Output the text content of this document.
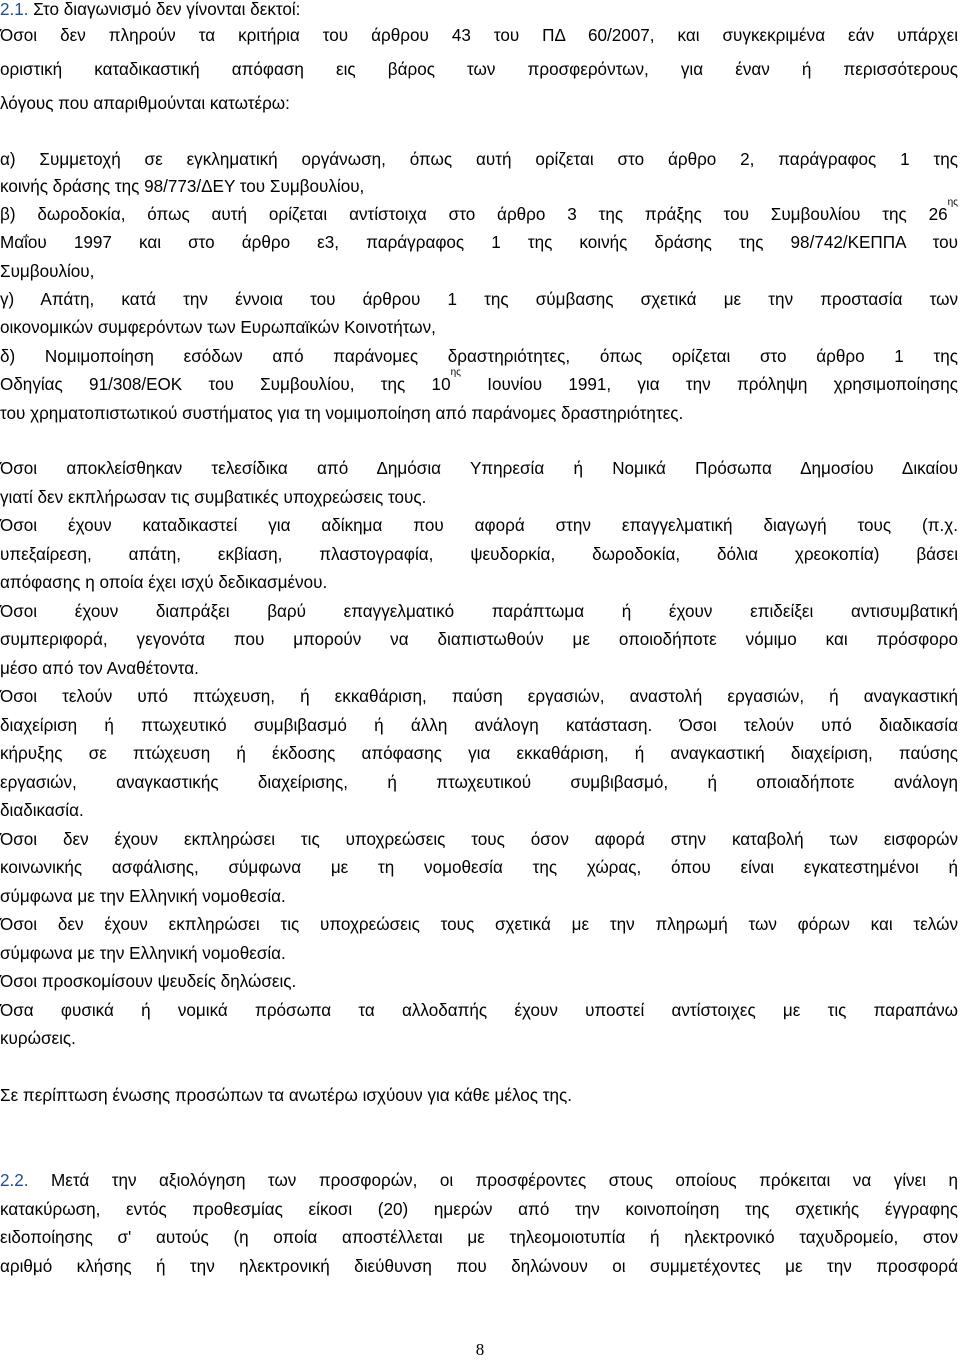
2.1. Στο διαγωνισμό δεν γίνονται δεκτοί:
Όσοι δεν πληρούν τα κριτήρια του άρθρου 43 του ΠΔ 60/2007, και συγκεκριμένα εάν υπάρχει
οριστική καταδικαστική απόφαση εις βάρος των προσφερόντων, για έναν ή περισσότερους
λόγους που απαριθμούνται κατωτέρω:
α) Συμμετοχή σε εγκληματική οργάνωση, όπως αυτή ορίζεται στο άρθρο 2, παράγραφος 1 της
κοινής δράσης της 98/773/ΔΕΥ του Συμβουλίου,
β) δωροδοκία, όπως αυτή ορίζεται αντίστοιχα στο άρθρο 3 της πράξης του Συμβουλίου της $26^{\eta\varsigma}$
Μαΐου 1997 και στο άρθρο ε3, παράγραφος 1 της κοινής δράσης της 98/742/ΚΕΠΠΑ του
Συμβουλίου,
γ) Απάτη, κατά την έννοια του άρθρου 1 της σύμβασης σχετικά με την προστασία των
οικονομικών συμφερόντων των Ευρωπαϊκών Κοινοτήτων,
δ) Νομιμοποίηση εσόδων από παράνομες δραστηριότητες, όπως ορίζεται στο άρθρο 1 της
Οδηγίας 91/308/ΕΟΚ του Συμβουλίου, της $10^{\eta\varsigma}$ Ιουνίου 1991, για την πρόληψη χρησιμοποίησης
του χρηματοπιστωτικού συστήματος για τη νομιμοποίηση από παράνομες δραστηριότητες.
Όσοι αποκλείσθηκαν τελεσίδικα από Δημόσια Υπηρεσία ή Νομικά Πρόσωπα Δημοσίου Δικαίου
γιατί δεν εκπλήρωσαν τις συμβατικές υποχρεώσεις τους.
Όσοι έχουν καταδικαστεί για αδίκημα που αφορά στην επαγγελματική διαγωγή τους (π.χ.
υπεξαίρεση, απάτη, εκβίαση, πλαστογραφία, ψευδορκία, δωροδοκία, δόλια χρεοκοπία) βάσει
απόφασης η οποία έχει ισχύ δεδικασμένου.
Όσοι έχουν διαπράξει βαρύ επαγγελματικό παράπτωμα ή έχουν επιδείξει αντισυμβατική
συμπεριφορά, γεγονότα που μπορούν να διαπιστωθούν με οποιοδήποτε νόμιμο και πρόσφορο
μέσο από τον Αναθέτοντα.
Όσοι τελούν υπό πτώχευση, ή εκκαθάριση, παύση εργασιών, αναστολή εργασιών, ή αναγκαστική
διαχείριση ή πτωχευτικό συμβιβασμό ή άλλη ανάλογη κατάσταση. Όσοι τελούν υπό διαδικασία
κήρυξης σε πτώχευση ή έκδοσης απόφασης για εκκαθάριση, ή αναγκαστική διαχείριση, παύσης
εργασιών, αναγκαστικής διαχείρισης, ή πτωχευτικού συμβιβασμό, ή οποιαδήποτε ανάλογη
διαδικασία.
Όσοι δεν έχουν εκπληρώσει τις υποχρεώσεις τους όσον αφορά στην καταβολή των εισφορών
κοινωνικής ασφάλισης, σύμφωνα με τη νομοθεσία της χώρας, όπου είναι εγκατεστημένοι ή
σύμφωνα με την Ελληνική νομοθεσία.
Όσοι δεν έχουν εκπληρώσει τις υποχρεώσεις τους σχετικά με την πληρωμή των φόρων και τελών
σύμφωνα με την Ελληνική νομοθεσία.
Όσοι προσκομίσουν ψευδείς δηλώσεις.
Όσα φυσικά ή νομικά πρόσωπα τα αλλοδαπής έχουν υποστεί αντίστοιχες με τις παραπάνω
κυρώσεις.
Σε περίπτωση ένωσης προσώπων τα ανωτέρω ισχύουν για κάθε μέλος της.
2.2. Μετά την αξιολόγηση των προσφορών, οι προσφέροντες στους οποίους πρόκειται να γίνει η
κατακύρωση, εντός προθεσμίας είκοσι (20) ημερών από την κοινοποίηση της σχετικής έγγραφης
ειδοποίησης σ' αυτούς (η οποία αποστέλλεται με τηλεομοιοτυπία ή ηλεκτρονικό ταχυδρομείο, στον
αριθμό κλήσης ή την ηλεκτρονική διεύθυνση που δηλώνουν οι συμμετέχοντες με την προσφορά
8
